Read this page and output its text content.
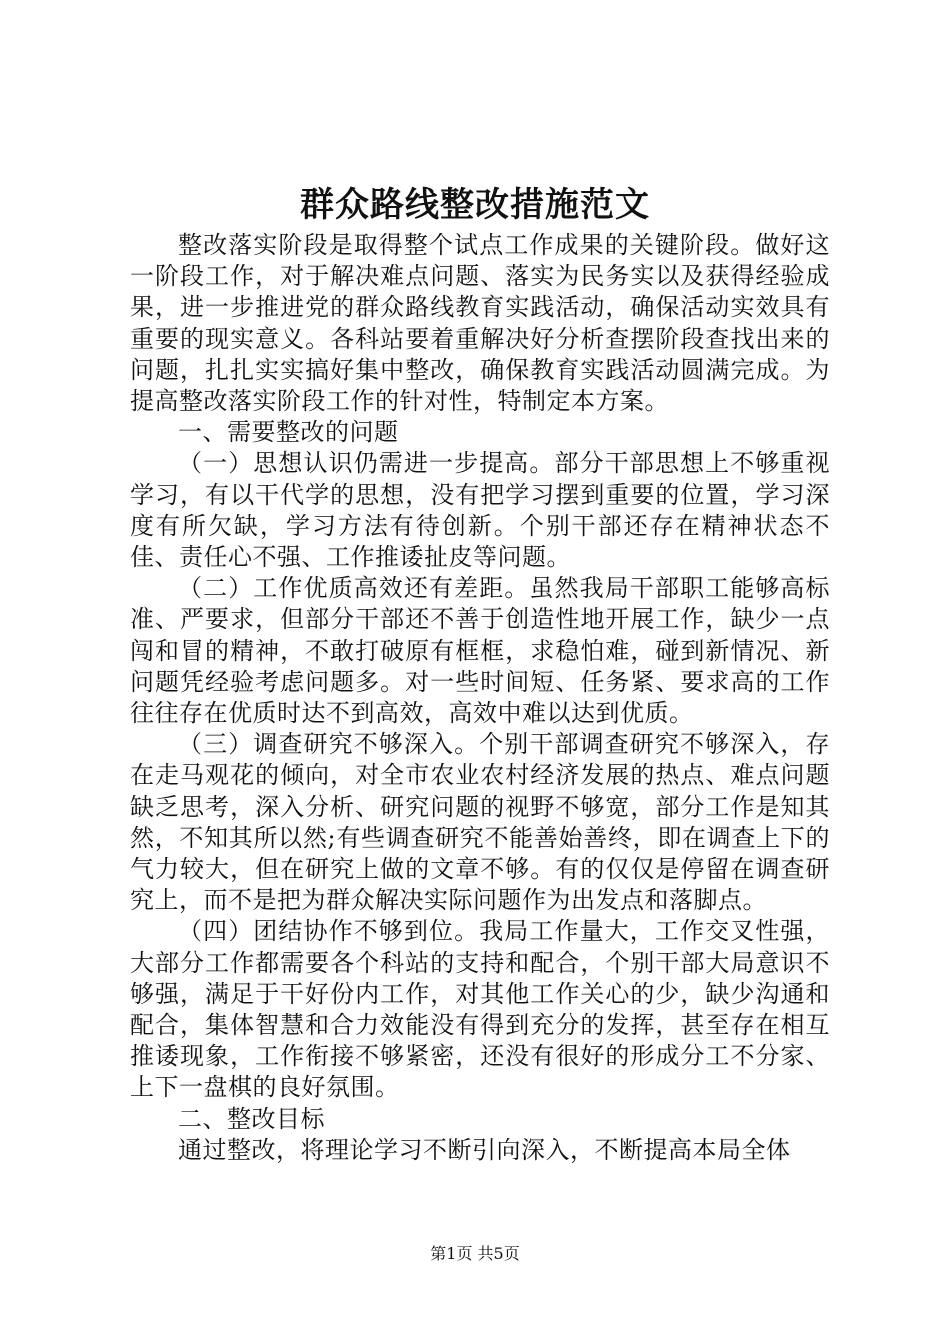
群众路线整改措施范文

整改落实阶段是取得整个试点工作成果的关键阶段。做好这一阶段工作，对于解决难点问题、落实为民务实以及获得经验成果，进一步推进党的群众路线教育实践活动，确保活动实效具有重要的现实意义。各科站要着重解决好分析查摆阶段查找出来的问题，扎扎实实搞好集中整改，确保教育实践活动圆满完成。为提高整改落实阶段工作的针对性，特制定本方案。

一、需要整改的问题

（一）思想认识仍需进一步提高。部分干部思想上不够重视学习，有以干代学的思想，没有把学习摆到重要的位置，学习深度有所欠缺，学习方法有待创新。个别干部还存在精神状态不佳、责任心不强、工作推诿扯皮等问题。

（二）工作优质高效还有差距。虽然我局干部职工能够高标准、严要求，但部分干部还不善于创造性地开展工作，缺少一点闯和冒的精神，不敢打破原有框框，求稳怕难，碰到新情况、新问题凭经验考虑问题多。对一些时间短、任务紧、要求高的工作往往存在优质时达不到高效，高效中难以达到优质。

（三）调查研究不够深入。个别干部调查研究不够深入，存在走马观花的倾向，对全市农业农村经济发展的热点、难点问题缺乏思考，深入分析、研究问题的视野不够宽，部分工作是知其然，不知其所以然;有些调查研究不能善始善终，即在调查上下的气力较大，但在研究上做的文章不够。有的仅仅是停留在调查研究上，而不是把为群众解决实际问题作为出发点和落脚点。

（四）团结协作不够到位。我局工作量大，工作交叉性强，大部分工作都需要各个科站的支持和配合，个别干部大局意识不够强，满足于干好份内工作，对其他工作关心的少，缺少沟通和配合，集体智慧和合力效能没有得到充分的发挥，甚至存在相互推诿现象，工作衔接不够紧密，还没有很好的形成分工不分家、上下一盘棋的良好氛围。

二、整改目标

通过整改，将理论学习不断引向深入，不断提高本局全体

第1页 共5页
